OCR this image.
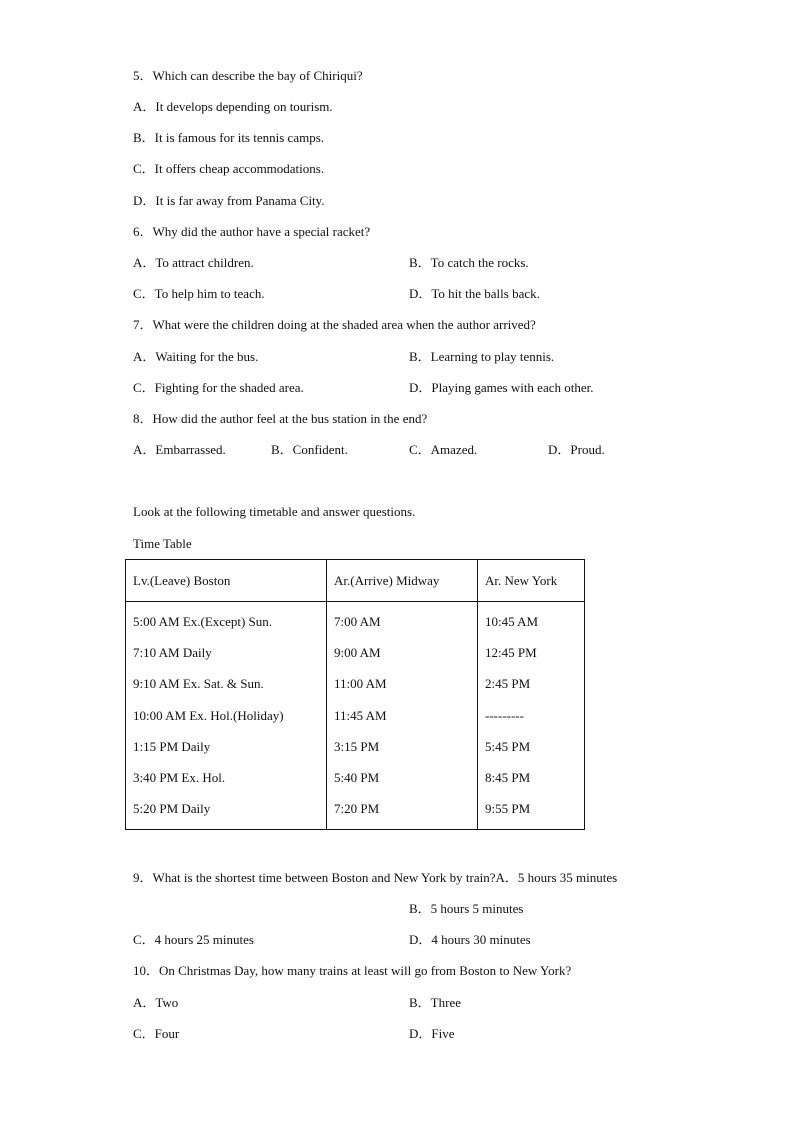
5．Which can describe the bay of Chiriqui?
A．It develops depending on tourism.
B．It is famous for its tennis camps.
C．It offers cheap accommodations.
D．It is far away from Panama City.
6．Why did the author have a special racket?
A．To attract children.	B．To catch the rocks.
C．To help him to teach.	D．To hit the balls back.
7．What were the children doing at the shaded area when the author arrived?
A．Waiting for the bus.	B．Learning to play tennis.
C．Fighting for the shaded area.	D．Playing games with each other.
8．How did the author feel at the bus station in the end?
A．Embarrassed.	B．Confident.	C．Amazed.	D．Proud.
Look at the following timetable and answer questions.
Time Table
Lv.(Leave) Boston	Ar.(Arrive) Midway	Ar. New York
5:00 AM Ex.(Except) Sun.	7:00 AM	10:45 AM
7:10 AM Daily	9:00 AM	12:45 PM
9:10 AM Ex. Sat. & Sun.	11:00 AM	2:45 PM
10:00 AM Ex. Hol.(Holiday)	11:45 AM	---------
1:15 PM Daily	3:15 PM	5:45 PM
3:40 PM Ex. Hol.	5:40 PM	8:45 PM
5:20 PM Daily	7:20 PM	9:55 PM
9．What is the shortest time between Boston and New York by train?A．5 hours 35 minutes
B．5 hours 5 minutes
C．4 hours 25 minutes	D．4 hours 30 minutes
10．On Christmas Day, how many trains at least will go from Boston to New York?
A．Two	B．Three
C．Four	D．Five
